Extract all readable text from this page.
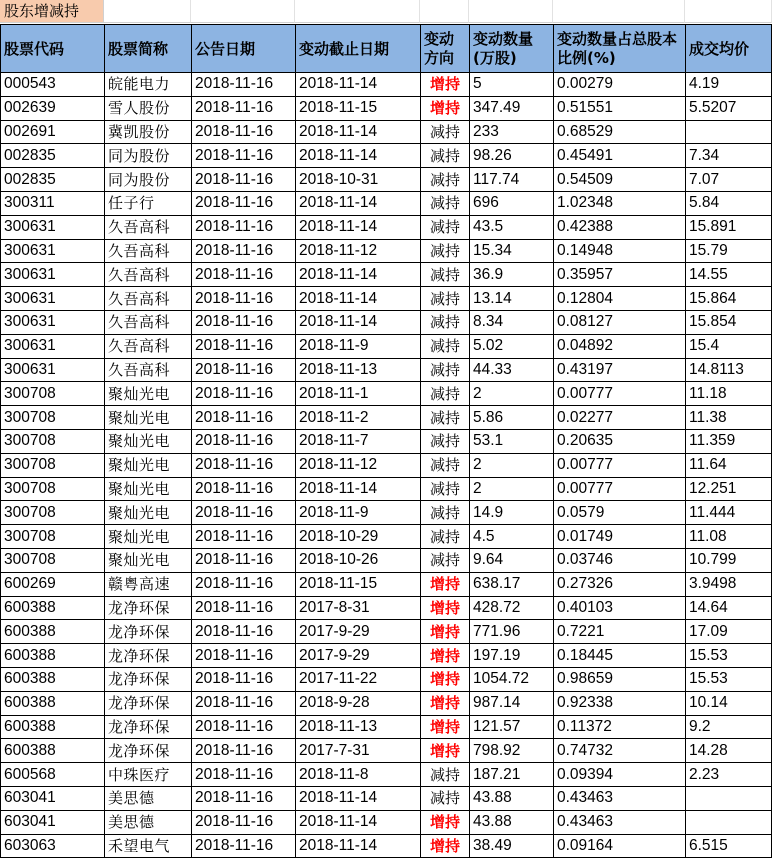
股东增减持
股票代码	股票简称	公告日期	变动截止日期	变动方向	变动数量(万股)	变动数量占总股本比例(%)	成交均价
000543	皖能电力	2018-11-16	2018-11-14	增持	5	0.00279	4.19
002639	雪人股份	2018-11-16	2018-11-15	增持	347.49	0.51551	5.5207
002691	冀凯股份	2018-11-16	2018-11-14	减持	233	0.68529	
002835	同为股份	2018-11-16	2018-11-14	减持	98.26	0.45491	7.34
002835	同为股份	2018-11-16	2018-10-31	减持	117.74	0.54509	7.07
300311	任子行	2018-11-16	2018-11-14	减持	696	1.02348	5.84
300631	久吾高科	2018-11-16	2018-11-14	减持	43.5	0.42388	15.891
300631	久吾高科	2018-11-16	2018-11-12	减持	15.34	0.14948	15.79
300631	久吾高科	2018-11-16	2018-11-14	减持	36.9	0.35957	14.55
300631	久吾高科	2018-11-16	2018-11-14	减持	13.14	0.12804	15.864
300631	久吾高科	2018-11-16	2018-11-14	减持	8.34	0.08127	15.854
300631	久吾高科	2018-11-16	2018-11-9	减持	5.02	0.04892	15.4
300631	久吾高科	2018-11-16	2018-11-13	减持	44.33	0.43197	14.8113
300708	聚灿光电	2018-11-16	2018-11-1	减持	2	0.00777	11.18
300708	聚灿光电	2018-11-16	2018-11-2	减持	5.86	0.02277	11.38
300708	聚灿光电	2018-11-16	2018-11-7	减持	53.1	0.20635	11.359
300708	聚灿光电	2018-11-16	2018-11-12	减持	2	0.00777	11.64
300708	聚灿光电	2018-11-16	2018-11-14	减持	2	0.00777	12.251
300708	聚灿光电	2018-11-16	2018-11-9	减持	14.9	0.0579	11.444
300708	聚灿光电	2018-11-16	2018-10-29	减持	4.5	0.01749	11.08
300708	聚灿光电	2018-11-16	2018-10-26	减持	9.64	0.03746	10.799
600269	赣粤高速	2018-11-16	2018-11-15	增持	638.17	0.27326	3.9498
600388	龙净环保	2018-11-16	2017-8-31	增持	428.72	0.40103	14.64
600388	龙净环保	2018-11-16	2017-9-29	增持	771.96	0.7221	17.09
600388	龙净环保	2018-11-16	2017-9-29	增持	197.19	0.18445	15.53
600388	龙净环保	2018-11-16	2017-11-22	增持	1054.72	0.98659	15.53
600388	龙净环保	2018-11-16	2018-9-28	增持	987.14	0.92338	10.14
600388	龙净环保	2018-11-16	2018-11-13	增持	121.57	0.11372	9.2
600388	龙净环保	2018-11-16	2017-7-31	增持	798.92	0.74732	14.28
600568	中珠医疗	2018-11-16	2018-11-8	减持	187.21	0.09394	2.23
603041	美思德	2018-11-16	2018-11-14	减持	43.88	0.43463	
603041	美思德	2018-11-16	2018-11-14	增持	43.88	0.43463	
603063	禾望电气	2018-11-16	2018-11-14	增持	38.49	0.09164	6.515
